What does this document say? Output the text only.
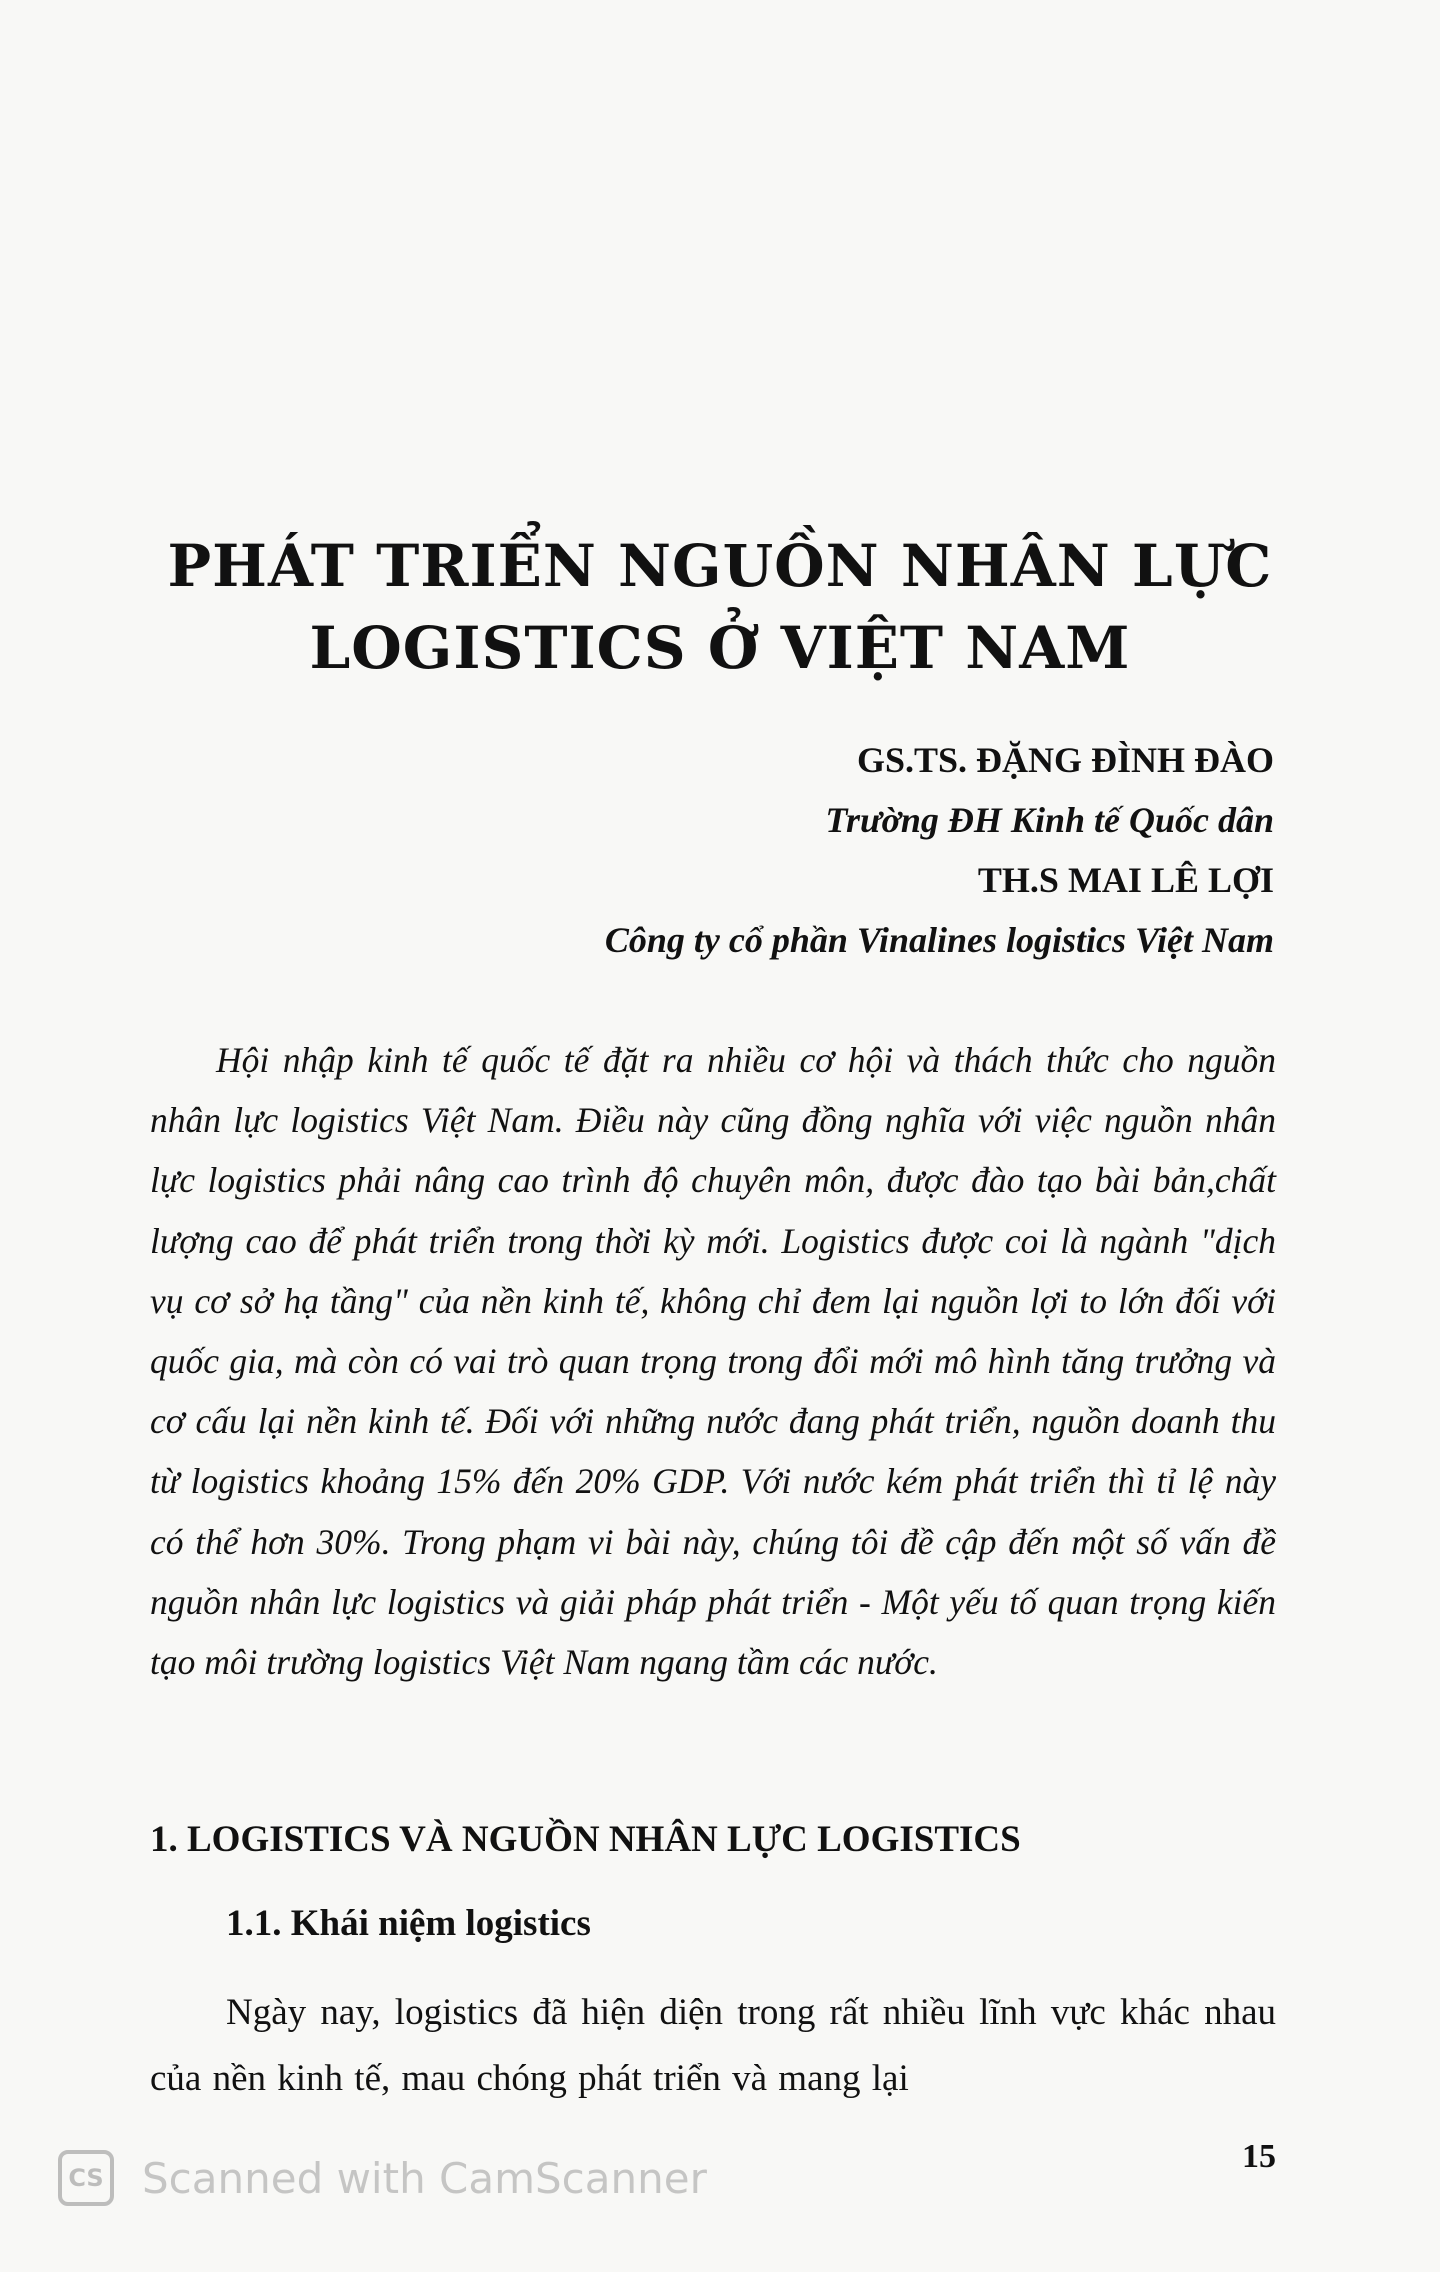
PHÁT TRIỂN NGUỒN NHÂN LỰC
LOGISTICS Ở VIỆT NAM
GS.TS. ĐẶNG ĐÌNH ĐÀO
Trường ĐH Kinh tế Quốc dân
TH.S MAI LÊ LỢI
Công ty cổ phần Vinalines logistics Việt Nam

Hội nhập kinh tế quốc tế đặt ra nhiều cơ hội và thách thức cho nguồn nhân lực logistics Việt Nam. Điều này cũng đồng nghĩa với việc nguồn nhân lực logistics phải nâng cao trình độ chuyên môn, được đào tạo bài bản,chất lượng cao để phát triển trong thời kỳ mới. Logistics được coi là ngành "dịch vụ cơ sở hạ tầng" của nền kinh tế, không chỉ đem lại nguồn lợi to lớn đối với quốc gia, mà còn có vai trò quan trọng trong đổi mới mô hình tăng trưởng và cơ cấu lại nền kinh tế. Đối với những nước đang phát triển, nguồn doanh thu từ logistics khoảng 15% đến 20% GDP. Với nước kém phát triển thì tỉ lệ này có thể hơn 30%. Trong phạm vi bài này, chúng tôi đề cập đến một số vấn đề nguồn nhân lực logistics và giải pháp phát triển - Một yếu tố quan trọng kiến tạo môi trường logistics Việt Nam ngang tầm các nước.

1. LOGISTICS VÀ NGUỒN NHÂN LỰC LOGISTICS
1.1. Khái niệm logistics

Ngày nay, logistics đã hiện diện trong rất nhiều lĩnh vực khác nhau của nền kinh tế, mau chóng phát triển và mang lại

15
CS Scanned with CamScanner
